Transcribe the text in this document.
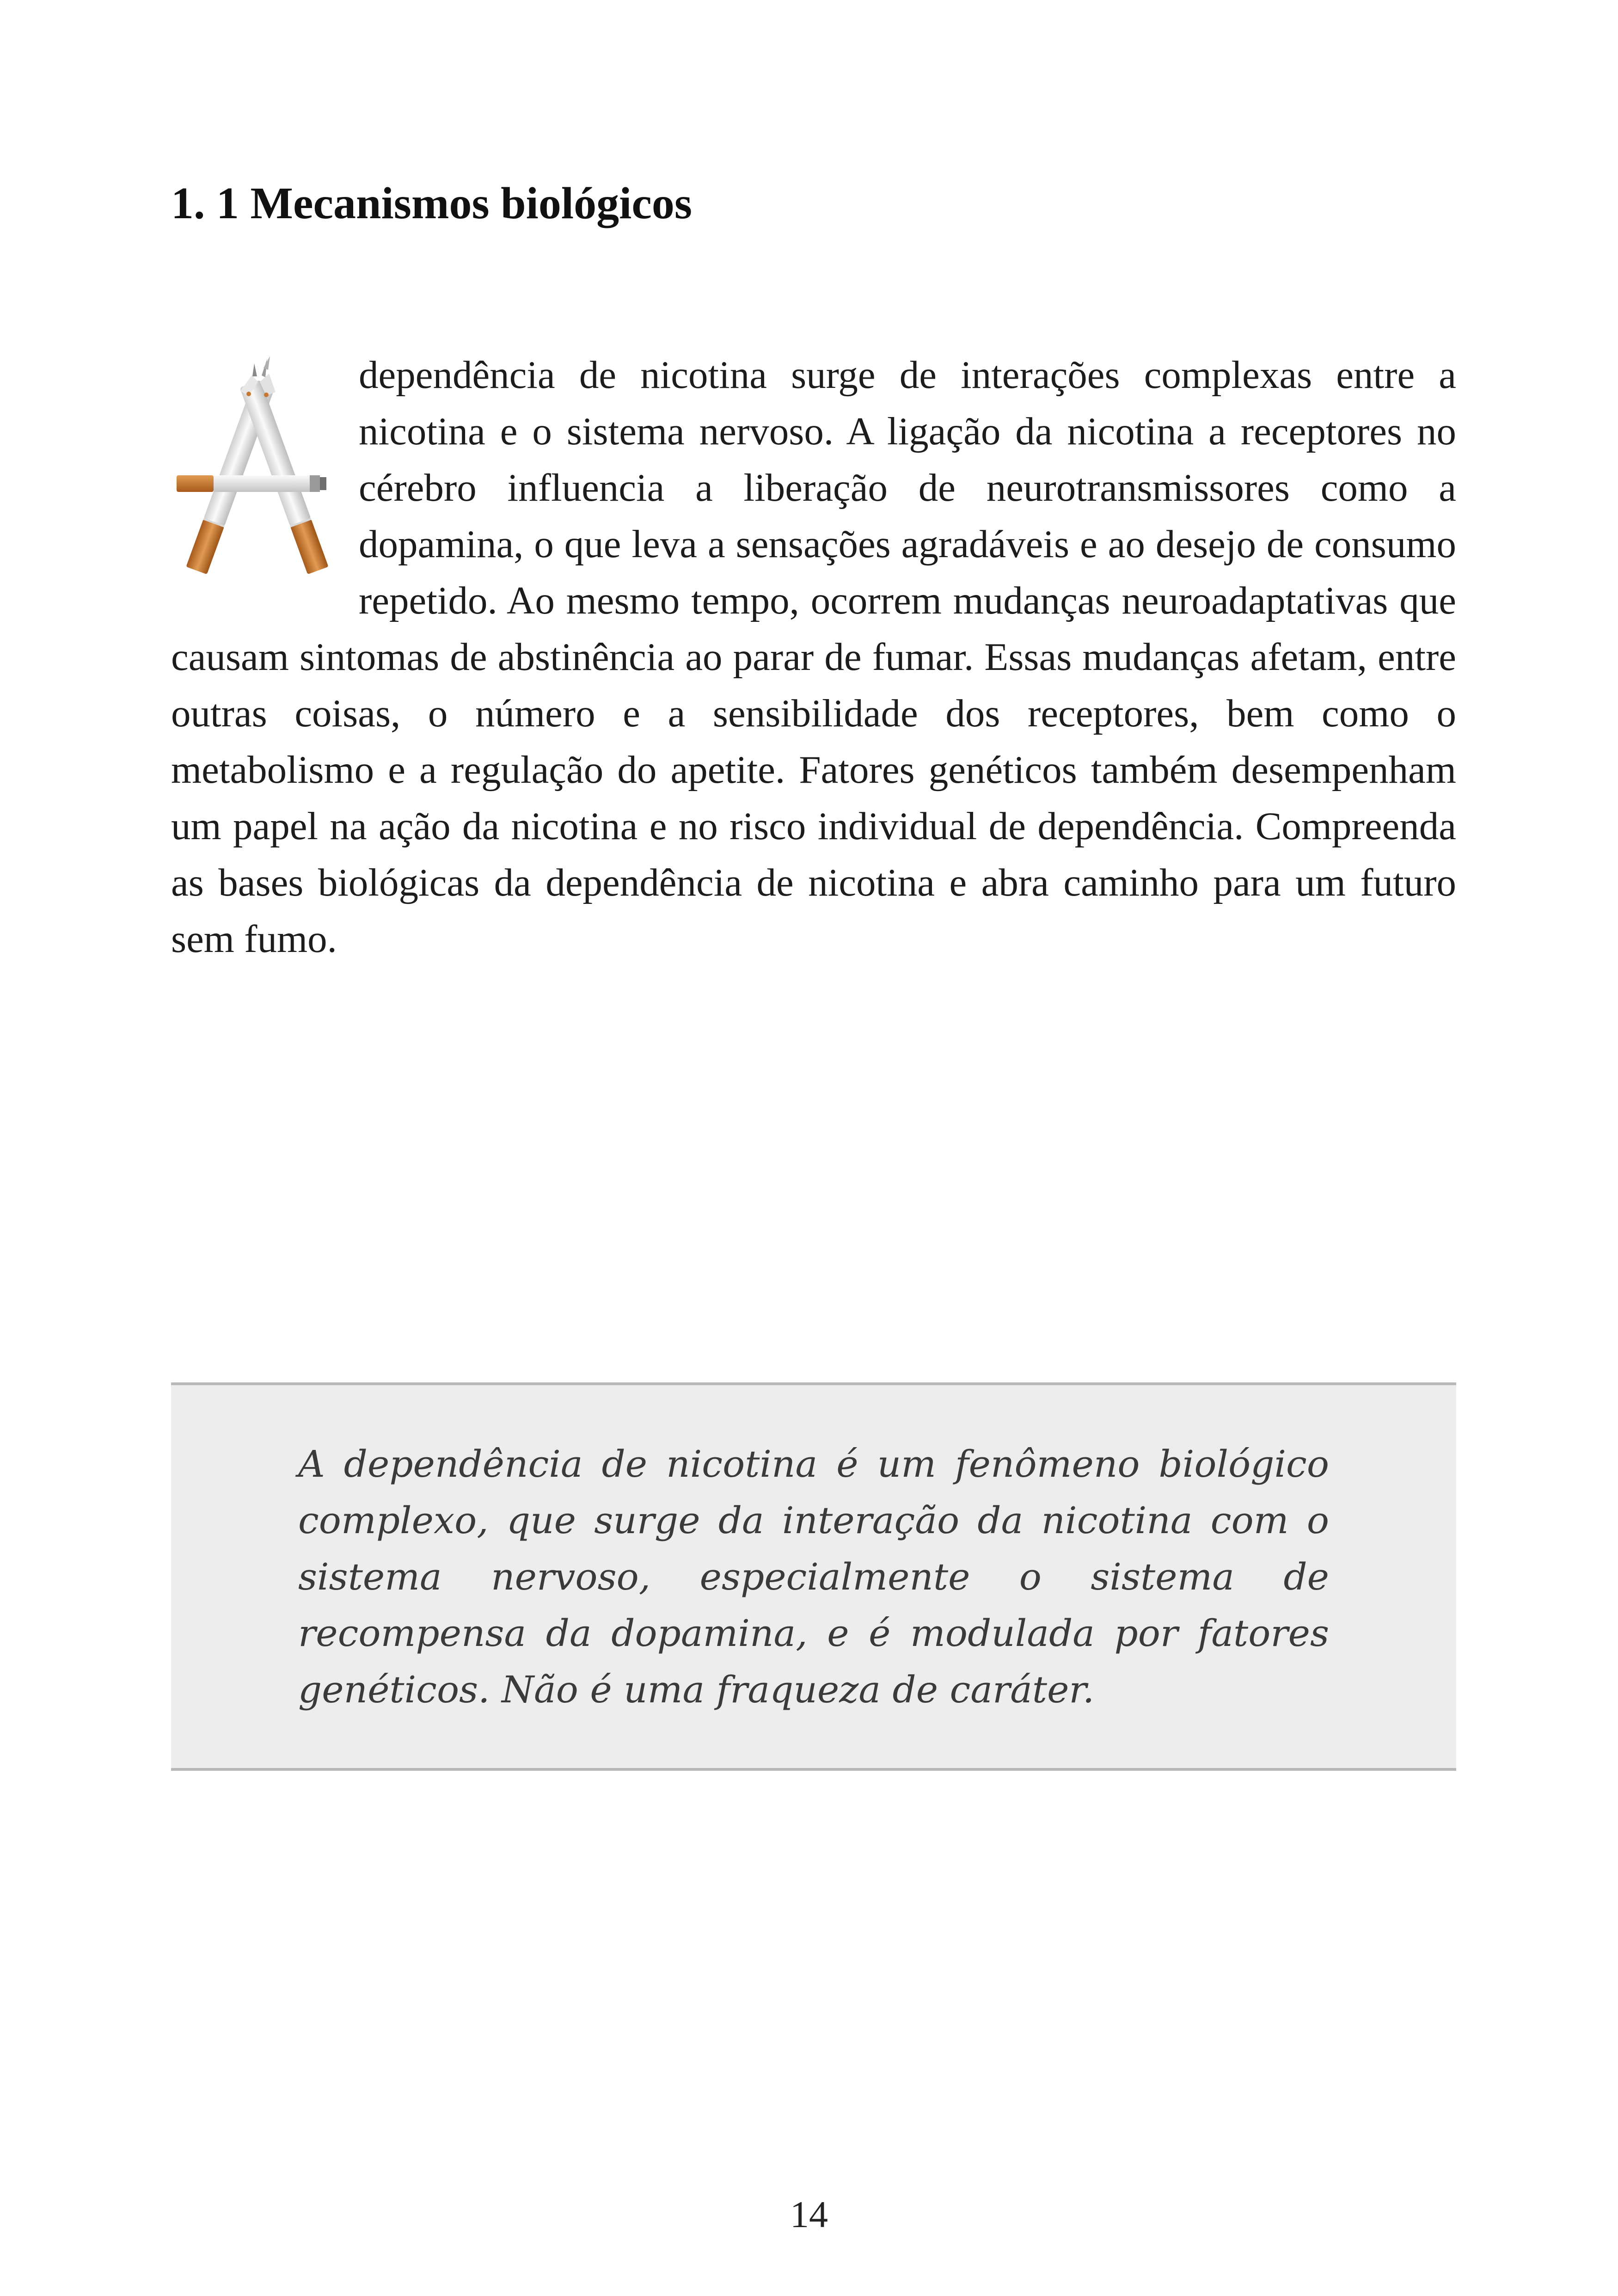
1. 1 Mecanismos biológicos

dependência de nicotina surge de interações complexas entre a nicotina e o sistema nervoso. A ligação da nicotina a receptores no cérebro influencia a liberação de neurotransmissores como a dopamina, o que leva a sensações agradáveis e ao desejo de consumo repetido. Ao mesmo tempo, ocorrem mudanças neuroadaptativas que causam sintomas de abstinência ao parar de fumar. Essas mudanças afetam, entre outras coisas, o número e a sensibilidade dos receptores, bem como o metabolismo e a regulação do apetite. Fatores genéticos também desempenham um papel na ação da nicotina e no risco individual de dependência. Compreenda as bases biológicas da dependência de nicotina e abra caminho para um futuro sem fumo.

A dependência de nicotina é um fenômeno biológico complexo, que surge da interação da nicotina com o sistema nervoso, especialmente o sistema de recompensa da dopamina, e é modulada por fatores genéticos. Não é uma fraqueza de caráter.

14
